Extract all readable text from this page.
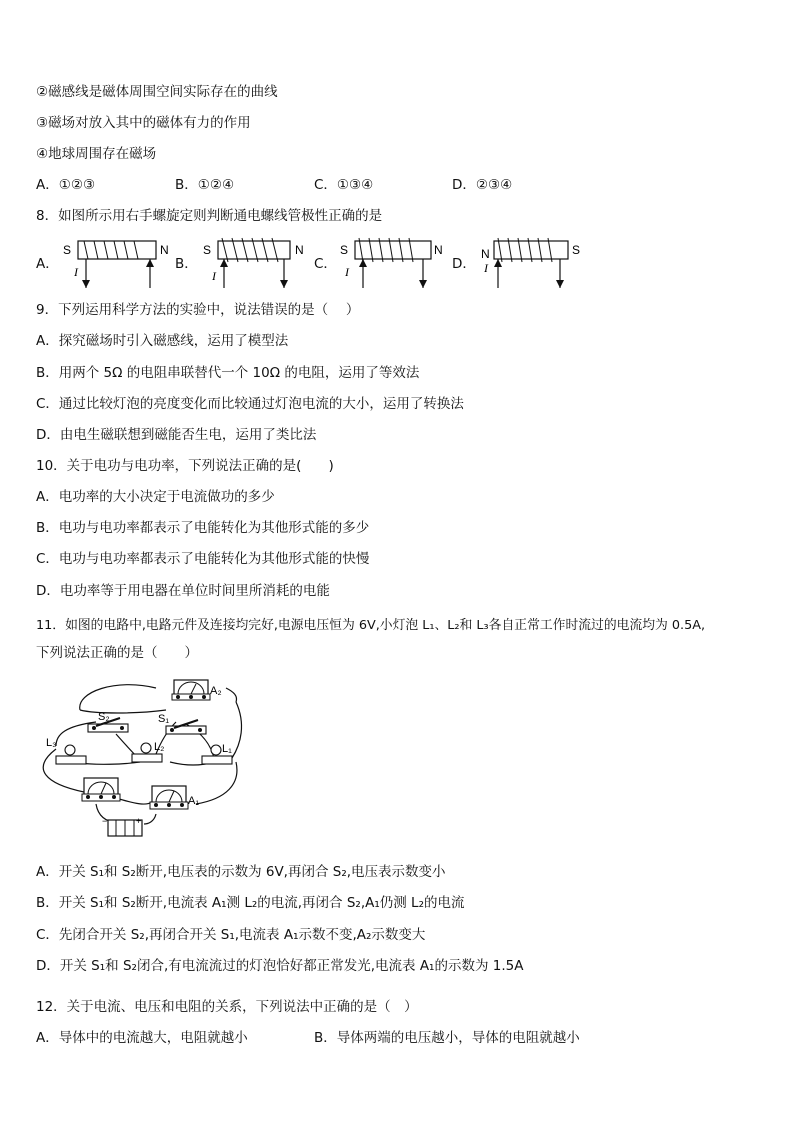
②磁感线是磁体周围空间实际存在的曲线
③磁场对放入其中的磁体有力的作用
④地球周围存在磁场
A．①②③	B．①②④	C．①③④	D．②③④
8．如图所示用右手螺旋定则判断通电螺线管极性正确的是
A．	B．	C．	D．
S	N
I
S	N
I
S	N
I
N	S
I
9．下列运用科学方法的实验中，说法错误的是（　 ）
A．探究磁场时引入磁感线，运用了模型法
B．用两个 5Ω 的电阻串联替代一个 10Ω 的电阻，运用了等效法
C．通过比较灯泡的亮度变化而比较通过灯泡电流的大小，运用了转换法
D．由电生磁联想到磁能否生电，运用了类比法
10．关于电功与电功率，下列说法正确的是(　　)
A．电功率的大小决定于电流做功的多少
B．电功与电功率都表示了电能转化为其他形式能的多少
C．电功与电功率都表示了电能转化为其他形式能的快慢
D．电功率等于用电器在单位时间里所消耗的电能
11．如图的电路中,电路元件及连接均完好,电源电压恒为 6V,小灯泡 L₁、L₂和 L₃各自正常工作时流过的电流均为 0.5A,
下列说法正确的是（　　）
A₂
S₂	S₁
L₃	L₂	L₁
A₁
−	+
A．开关 S₁和 S₂断开,电压表的示数为 6V,再闭合 S₂,电压表示数变小
B．开关 S₁和 S₂断开,电流表 A₁测 L₂的电流,再闭合 S₂,A₁仍测 L₂的电流
C．先闭合开关 S₂,再闭合开关 S₁,电流表 A₁示数不变,A₂示数变大
D．开关 S₁和 S₂闭合,有电流流过的灯泡恰好都正常发光,电流表 A₁的示数为 1.5A
12．关于电流、电压和电阻的关系，下列说法中正确的是（　）
A．导体中的电流越大，电阻就越小	B．导体两端的电压越小，导体的电阻就越小
